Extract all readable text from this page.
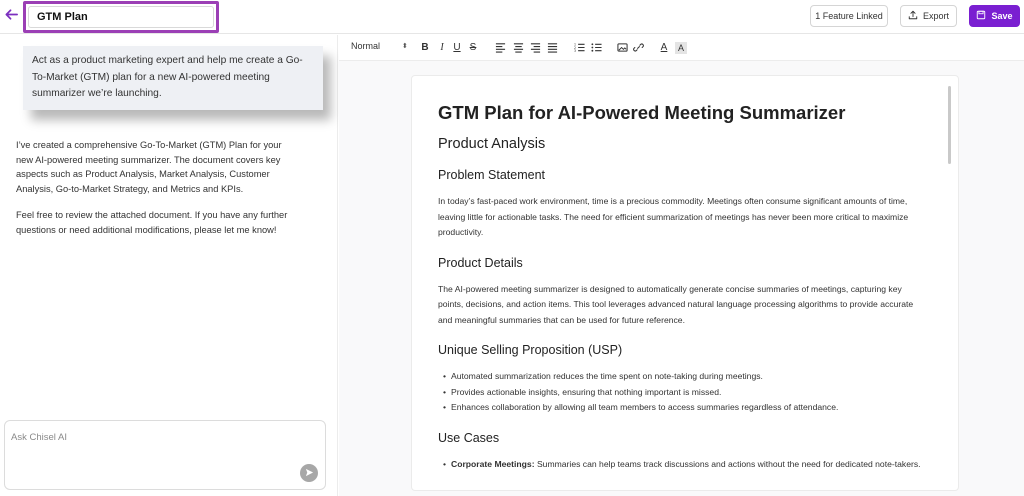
GTM Plan
1 Feature Linked	Export	Save
Act as a product marketing expert and help me create a Go-To-Market (GTM) plan for a new AI-powered meeting summarizer we’re launching.

I’ve created a comprehensive Go-To-Market (GTM) Plan for your new AI-powered meeting summarizer. The document covers key aspects such as Product Analysis, Market Analysis, Customer Analysis, Go-to-Market Strategy, and Metrics and KPIs.

Feel free to review the attached document. If you have any further questions or need additional modifications, please let me know!

Ask Chisel AI
Normal	⬍ B	I U S	1
2
3	A	A
GTM Plan for AI-Powered Meeting Summarizer
Product Analysis
Problem Statement

In today’s fast-paced work environment, time is a precious commodity. Meetings often consume significant amounts of time, leaving little for actionable tasks. The need for efficient summarization of meetings has never been more critical to maximize productivity.

Product Details

The AI-powered meeting summarizer is designed to automatically generate concise summaries of meetings, capturing key points, decisions, and action items. This tool leverages advanced natural language processing algorithms to provide accurate and meaningful summaries that can be used for future reference.

Unique Selling Proposition (USP)
• Automated summarization reduces the time spent on note-taking during meetings.
• Provides actionable insights, ensuring that nothing important is missed.
• Enhances collaboration by allowing all team members to access summaries regardless of attendance.
Use Cases
• Corporate Meetings: Summaries can help teams track discussions and actions without the need for dedicated note-takers.
